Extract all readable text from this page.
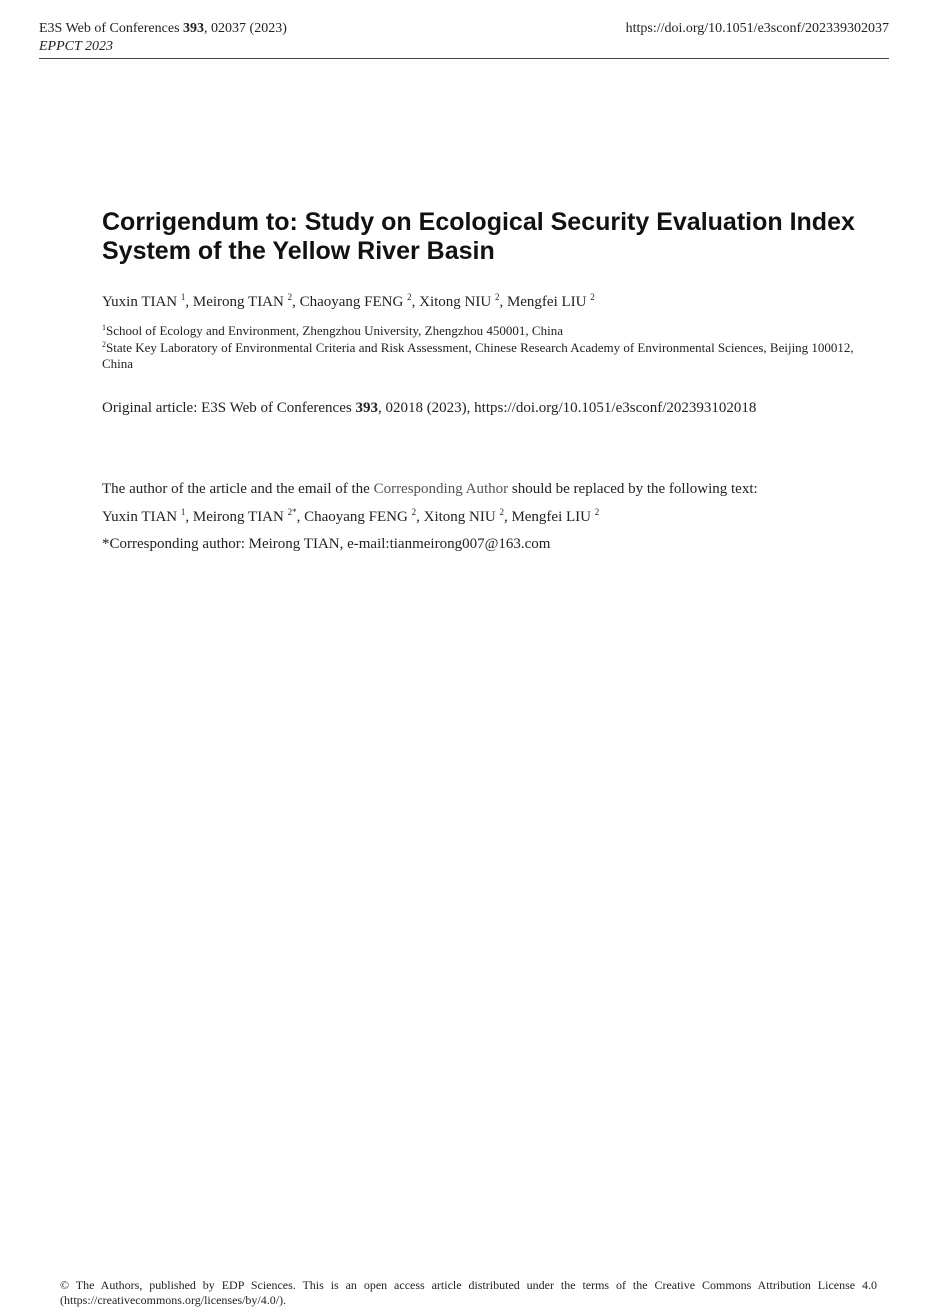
E3S Web of Conferences 393, 02037 (2023)
EPPCT 2023
https://doi.org/10.1051/e3sconf/202339302037
Corrigendum to: Study on Ecological Security Evaluation Index System of the Yellow River Basin
Yuxin TIAN $^1$, Meirong TIAN $^2$, Chaoyang FENG $^2$, Xitong NIU $^2$, Mengfei LIU $^2$
$^1$School of Ecology and Environment, Zhengzhou University, Zhengzhou 450001, China
$^2$State Key Laboratory of Environmental Criteria and Risk Assessment, Chinese Research Academy of Environmental Sciences, Beijing 100012, China
Original article: E3S Web of Conferences 393, 02018 (2023), https://doi.org/10.1051/e3sconf/202393102018
The author of the article and the email of the Corresponding Author should be replaced by the following text:
Yuxin TIAN $^1$, Meirong TIAN $^{2*}$, Chaoyang FENG $^2$, Xitong NIU $^2$, Mengfei LIU $^2$
*Corresponding author: Meirong TIAN, e-mail:tianmeirong007@163.com
© The Authors, published by EDP Sciences. This is an open access article distributed under the terms of the Creative Commons Attribution License 4.0 (https://creativecommons.org/licenses/by/4.0/).
